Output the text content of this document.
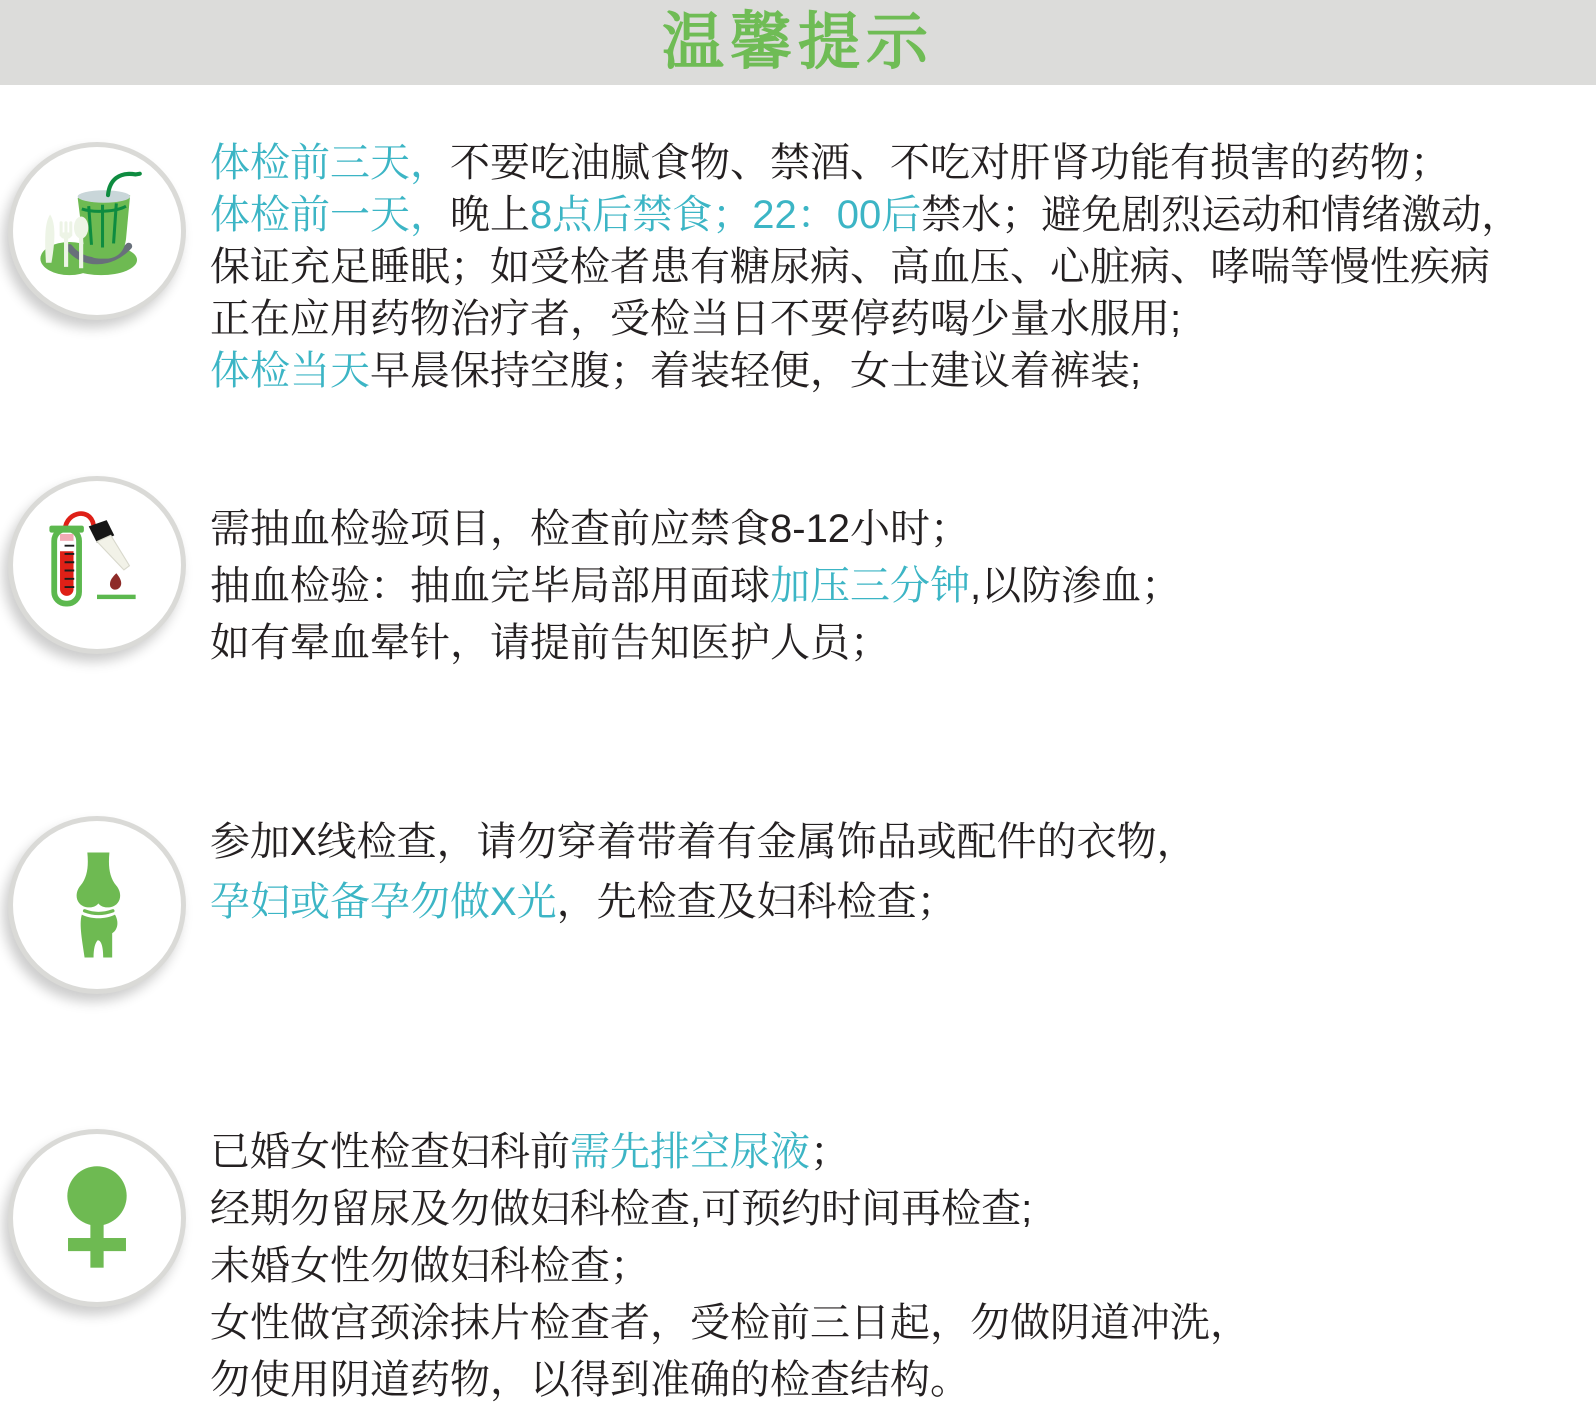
温馨提示
体检前三天，不要吃油腻食物、禁酒、不吃对肝肾功能有损害的药物；
体检前一天，晚上8点后禁食；22：00后禁水；避免剧烈运动和情绪激动，
保证充足睡眠；如受检者患有糖尿病、高血压、心脏病、哮喘等慢性疾病
正在应用药物治疗者，受检当日不要停药喝少量水服用;
体检当天早晨保持空腹；着装轻便，女士建议着裤装;
需抽血检验项目，检查前应禁食8-12小时；
抽血检验：抽血完毕局部用面球加压三分钟,以防渗血；
如有晕血晕针，请提前告知医护人员；
参加X线检查，请勿穿着带着有金属饰品或配件的衣物，
孕妇或备孕勿做X光，先检查及妇科检查；
已婚女性检查妇科前需先排空尿液；
经期勿留尿及勿做妇科检查,可预约时间再检查;
未婚女性勿做妇科检查；
女性做宫颈涂抹片检查者，受检前三日起，勿做阴道冲洗，
勿使用阴道药物，以得到准确的检查结构。
